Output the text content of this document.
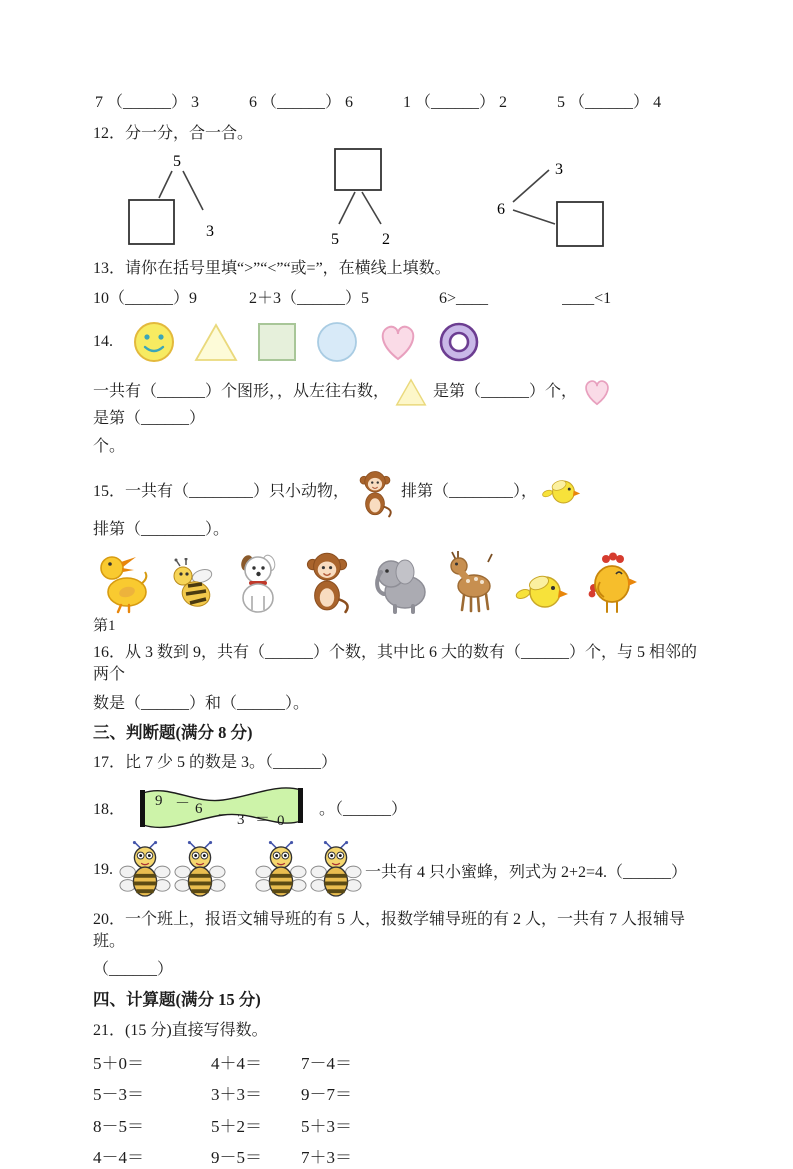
7 （______） 3	6 （______） 6	1 （______） 2	5 （______） 4
12．分一分，合一合。
5
3	5	2
6
3
13．请你在括号里填“>”“<”“或=”，在横线上填数。
10（______）9	2＋3（______）5	6>____	____<1
14.
一共有（______）个图形，，从左往右数，	是第（______）个，
是第（______）
个。
15．一共有（________）只小动物，	排第（________），
排第（________）。
第1
16．从 3 数到 9，共有（______）个数，其中比 6 大的数有（______）个，与 5 相邻的两个
数是（______）和（______）。
三、判断题(满分 8 分)
17．比 7 少 5 的数是 3。（______）
18． 9 － 6 － 3 ＝ 0
。（______）
19.	一共有 4 只小蜜蜂，列式为 2+2=4.（______）
20．一个班上，报语文辅导班的有 5 人，报数学辅导班的有 2 人，一共有 7 人报辅导班。
（______）
四、计算题(满分 15 分)
21．(15 分)直接写得数。
5＋0＝	4＋4＝	7－4＝
5－3＝	3＋3＝	9－7＝
8－5＝	5＋2＝	5＋3＝
4－4＝	9－5＝	7＋3＝
